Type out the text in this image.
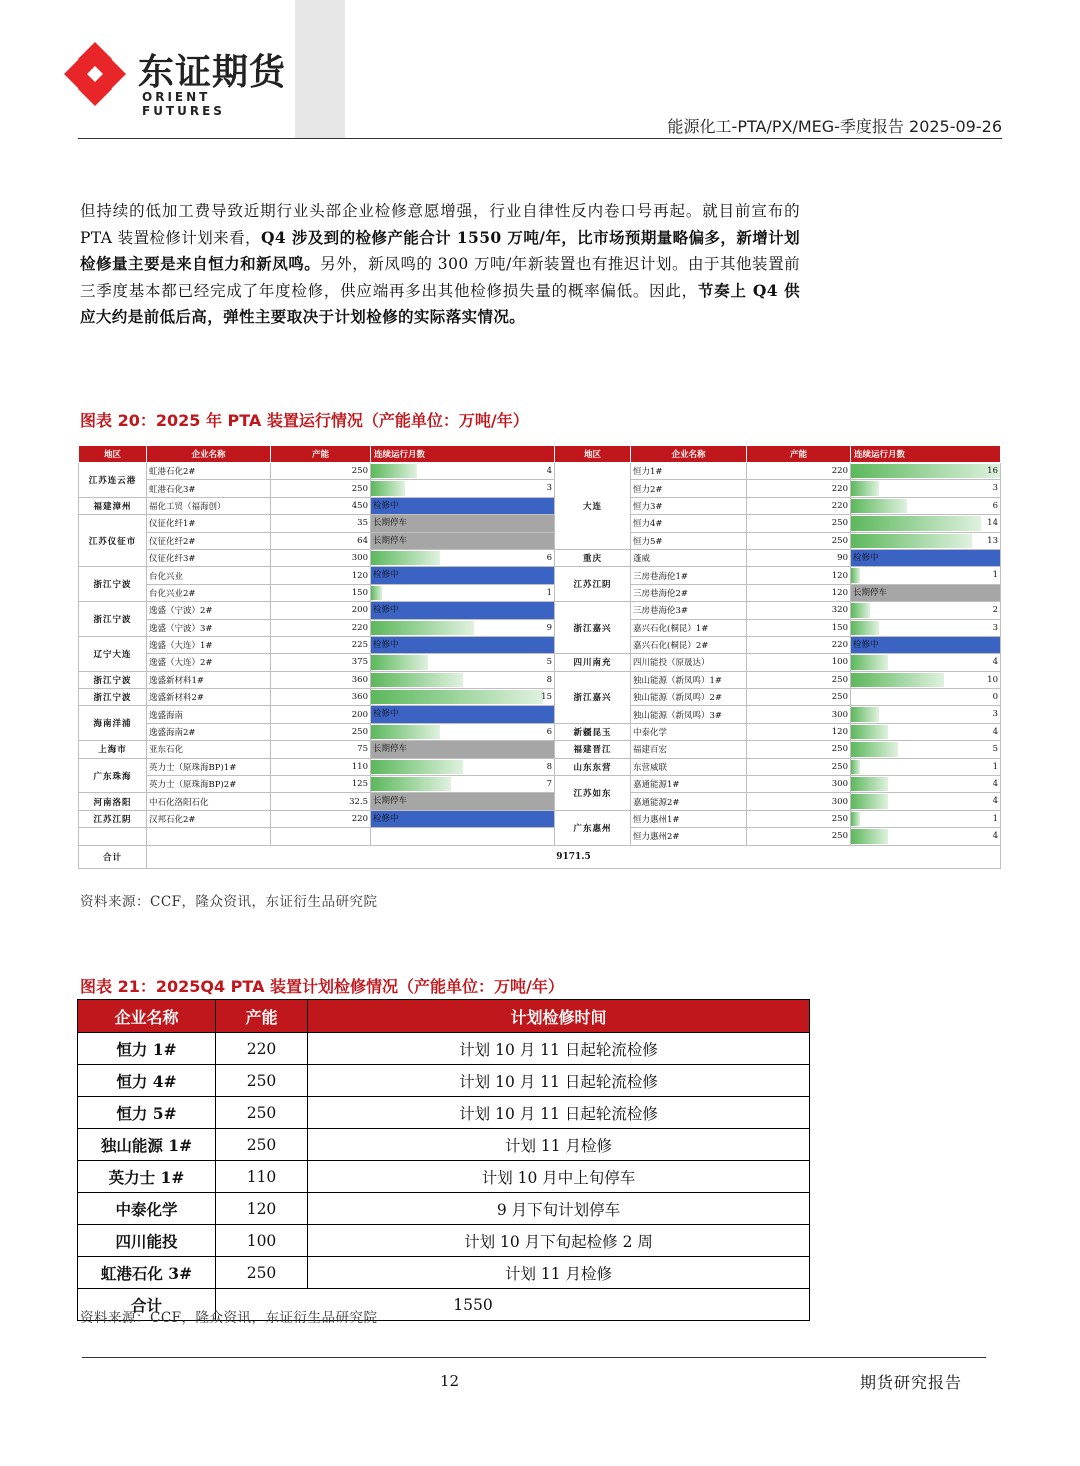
东证期货
ORIENT FUTURES
能源化工-PTA/PX/MEG-季度报告 2025-09-26
但持续的低加工费导致近期行业头部企业检修意愿增强，行业自律性反内卷口号再起。就目前宣布的 PTA 装置检修计划来看，Q4 涉及到的检修产能合计 1550 万吨/年，比市场预期量略偏多，新增计划检修量主要是来自恒力和新凤鸣。另外，新凤鸣的 300 万吨/年新装置也有推迟计划。由于其他装置前三季度基本都已经完成了年度检修，供应端再多出其他检修损失量的概率偏低。因此，节奏上 Q4 供应大约是前低后高，弹性主要取决于计划检修的实际落实情况。
图表 20：2025 年 PTA 装置运行情况（产能单位：万吨/年）
地区	企业名称	产能	连续运行月数	地区	企业名称	产能	连续运行月数
江苏连云港	虹港石化2#	250	4	大连	恒力1#	220	16

	虹港石化3#	250	3		恒力2#	220	3

福建漳州	福化工贸（福海创）	450	检修中		恒力3#	220	6

江苏仪征市	仪征化纤1#	35	长期停车		恒力4#	250	14

	仪征化纤2#	64	长期停车		恒力5#	250	13

	仪征化纤3#	300	6	重庆	蓬威	90	检修中

浙江宁波	台化兴业	120	检修中	江苏江阴	三房巷海伦1#	120	1

	台化兴业2#	150	1		三房巷海伦2#	120	长期停车

浙江宁波	逸盛（宁波）2#	200	检修中	浙江嘉兴	三房巷海伦3#	320	2

	逸盛（宁波）3#	220	9		嘉兴石化(桐昆）1#	150	3

辽宁大连	逸盛（大连）1#	225	检修中		嘉兴石化(桐昆）2#	220	检修中

	逸盛（大连）2#	375	5	四川南充	四川能投（原晟达）	100	4

浙江宁波	逸盛新材料1#	360	8	浙江嘉兴	独山能源（新凤鸣）1#	250	10

浙江宁波	逸盛新材料2#	360	15		独山能源（新凤鸣）2#	250	0

海南洋浦	逸盛海南	200	检修中		独山能源（新凤鸣）3#	300	3

	逸盛海南2#	250	6	新疆昆玉	中泰化学	120	4

上海市	亚东石化	75	长期停车	福建晋江	福建百宏	250	5

广东珠海	英力士（原珠海BP)1#	110	8	山东东营	东营威联	250	1

	英力士（原珠海BP)2#	125	7	江苏如东	嘉通能源1#	300	4

河南洛阳	中石化洛阳石化	32.5	长期停车		嘉通能源2#	300	4

江苏江阴	汉邦石化2#	220	检修中	广东惠州	恒力惠州1#	250	1

					恒力惠州2#	250	4

合计	9171.5						
资料来源：CCF，隆众资讯，东证衍生品研究院
图表 21：2025Q4 PTA 装置计划检修情况（产能单位：万吨/年）
企业名称	产能	计划检修时间
恒力 1#	220	计划 10 月 11 日起轮流检修
恒力 4#	250	计划 10 月 11 日起轮流检修
恒力 5#	250	计划 10 月 11 日起轮流检修
独山能源 1#	250	计划 11 月检修
英力士 1#	110	计划 10 月中上旬停车
中泰化学	120	9 月下旬计划停车
四川能投	100	计划 10 月下旬起检修 2 周
虹港石化 3#	250	计划 11 月检修
合计	1550	
资料来源：CCF，隆众资讯，东证衍生品研究院
12	期货研究报告
